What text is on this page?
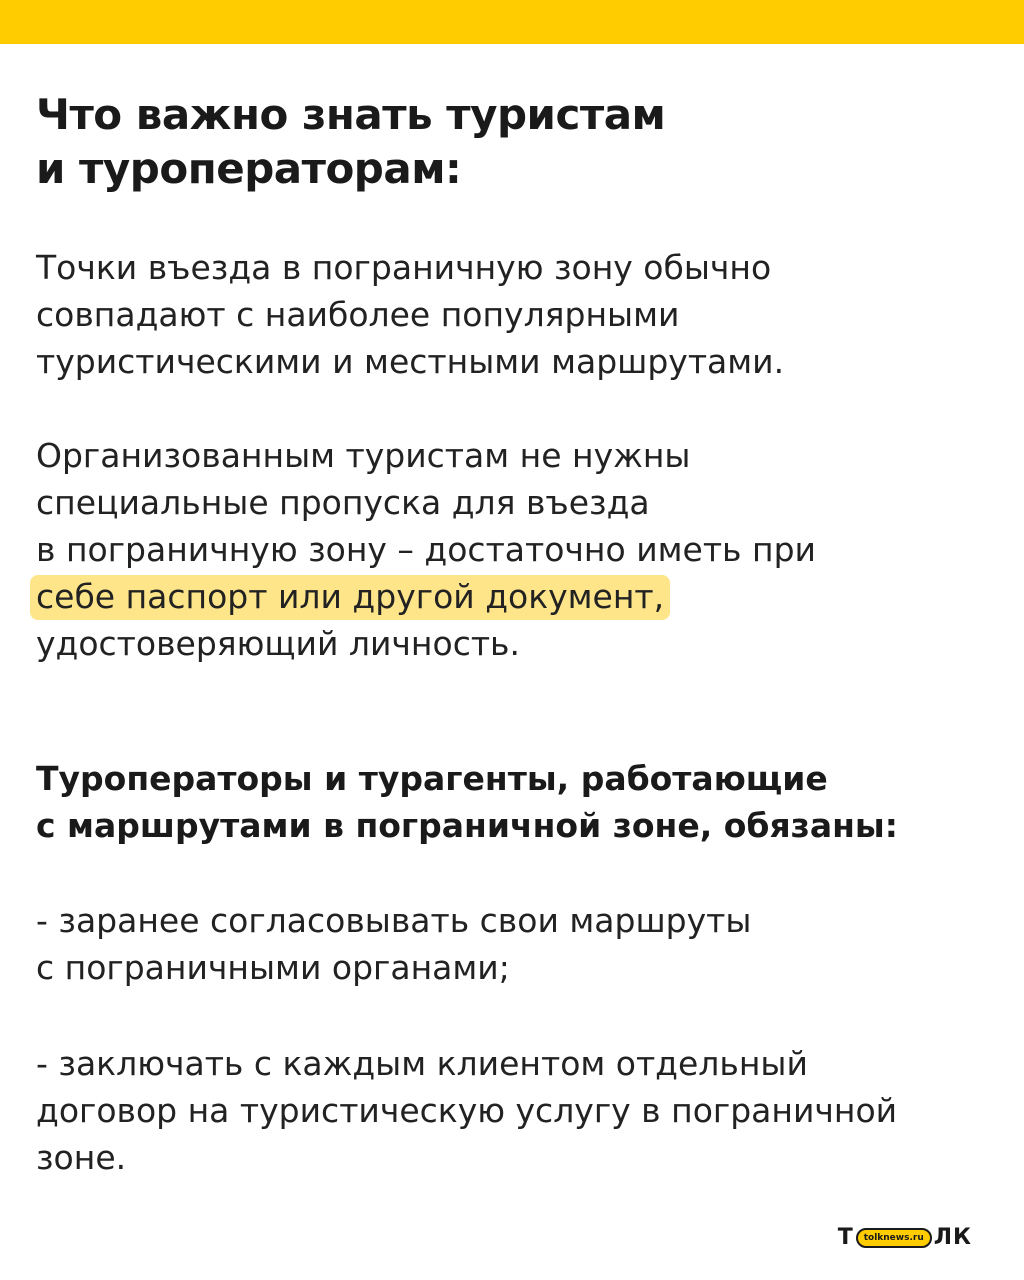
Что важно знать туристам
и туроператорам:

Точки въезда в пограничную зону обычно
совпадают с наиболее популярными
туристическими и местными маршрутами.

Организованным туристам не нужны
специальные пропуска для въезда
в пограничную зону – достаточно иметь при
себе паспорт или другой документ,
удостоверяющий личность.

Туроператоры и турагенты, работающие
с маршрутами в пограничной зоне, обязаны:

- заранее согласовывать свои маршруты
с пограничными органами;

- заключать с каждым клиентом отдельный
договор на туристическую услугу в пограничной
зоне.

Т	tolknews.ru ЛК
